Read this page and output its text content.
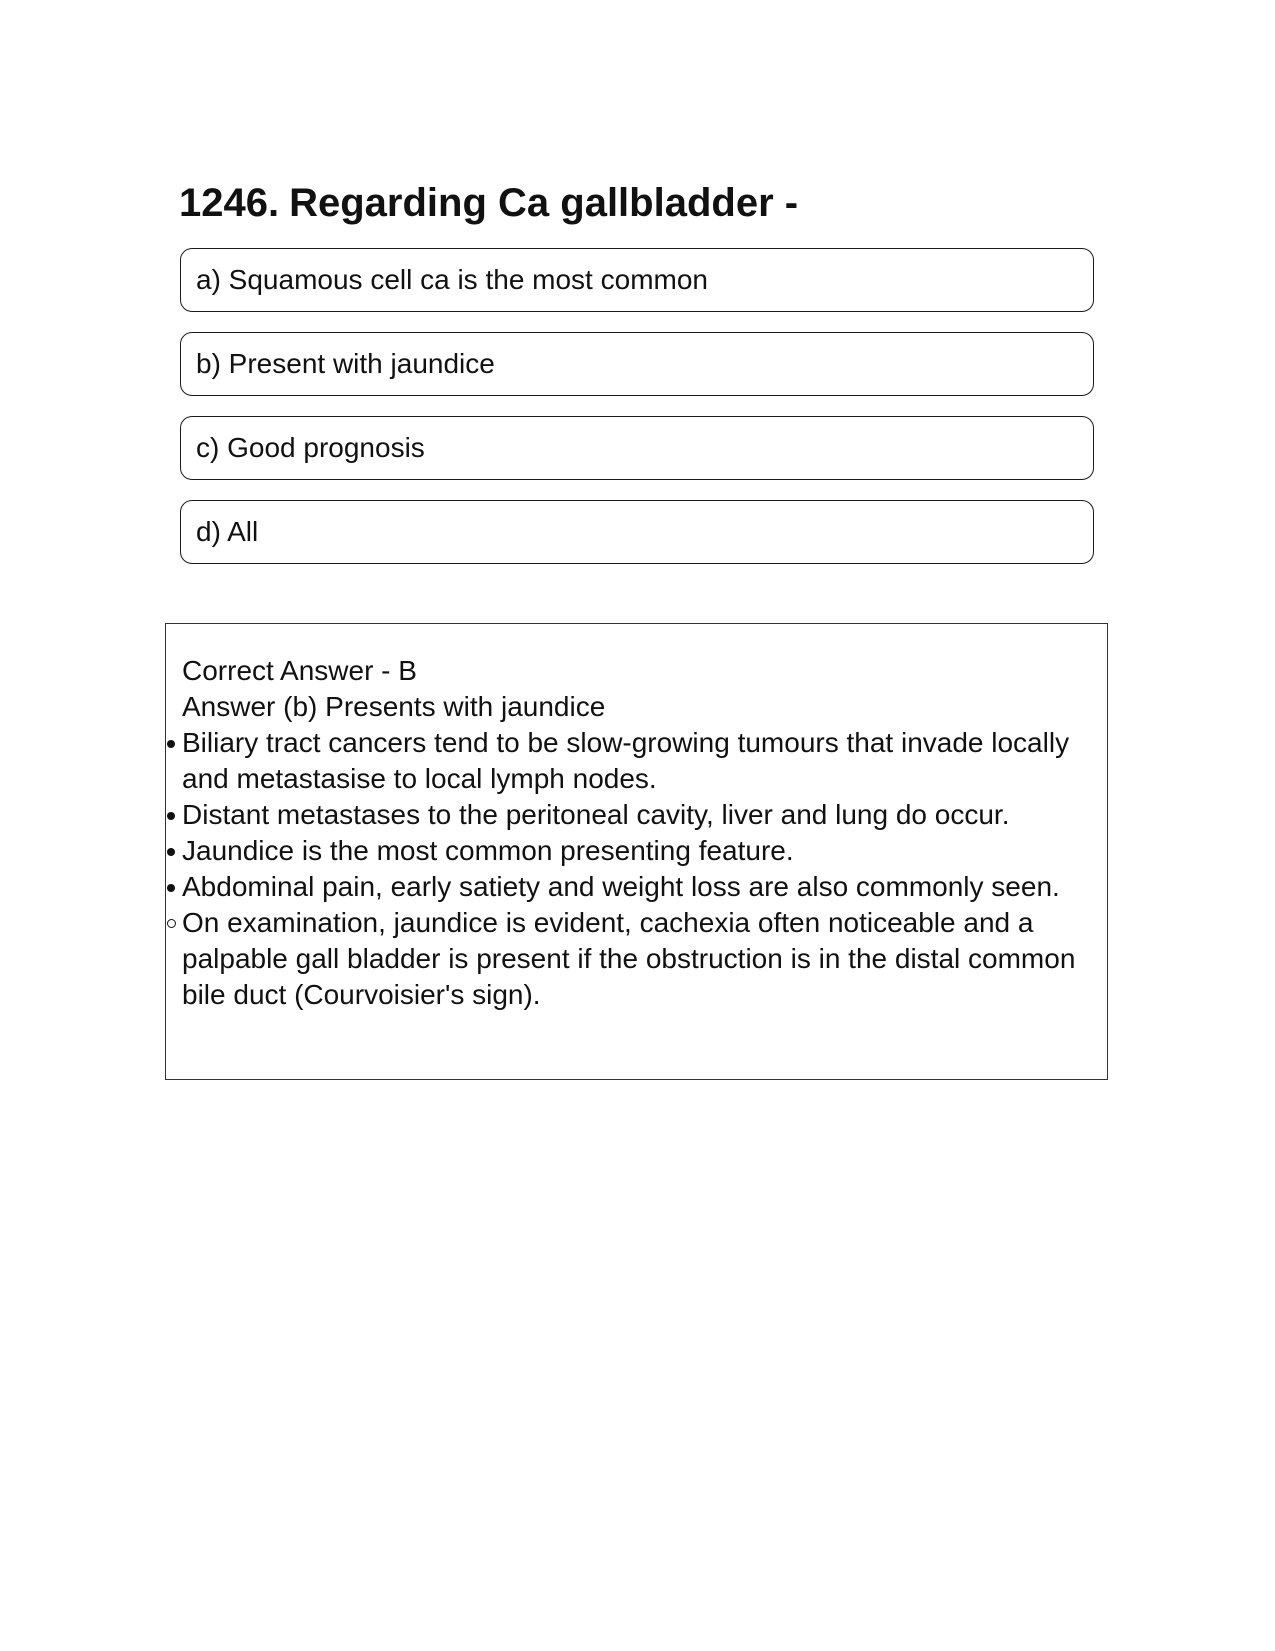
1246. Regarding Ca gallbladder -
a) Squamous cell ca is the most common
b) Present with jaundice
c) Good prognosis
d) All
Correct Answer - B
Answer (b) Presents with jaundice
Biliary tract cancers tend to be slow-growing tumours that invade locally and metastasise to local lymph nodes.
Distant metastases to the peritoneal cavity, liver and lung do occur.
Jaundice is the most common presenting feature.
Abdominal pain, early satiety and weight loss are also commonly seen.
On examination, jaundice is evident, cachexia often noticeable and a palpable gall bladder is present if the obstruction is in the distal common bile duct (Courvoisier's sign).
